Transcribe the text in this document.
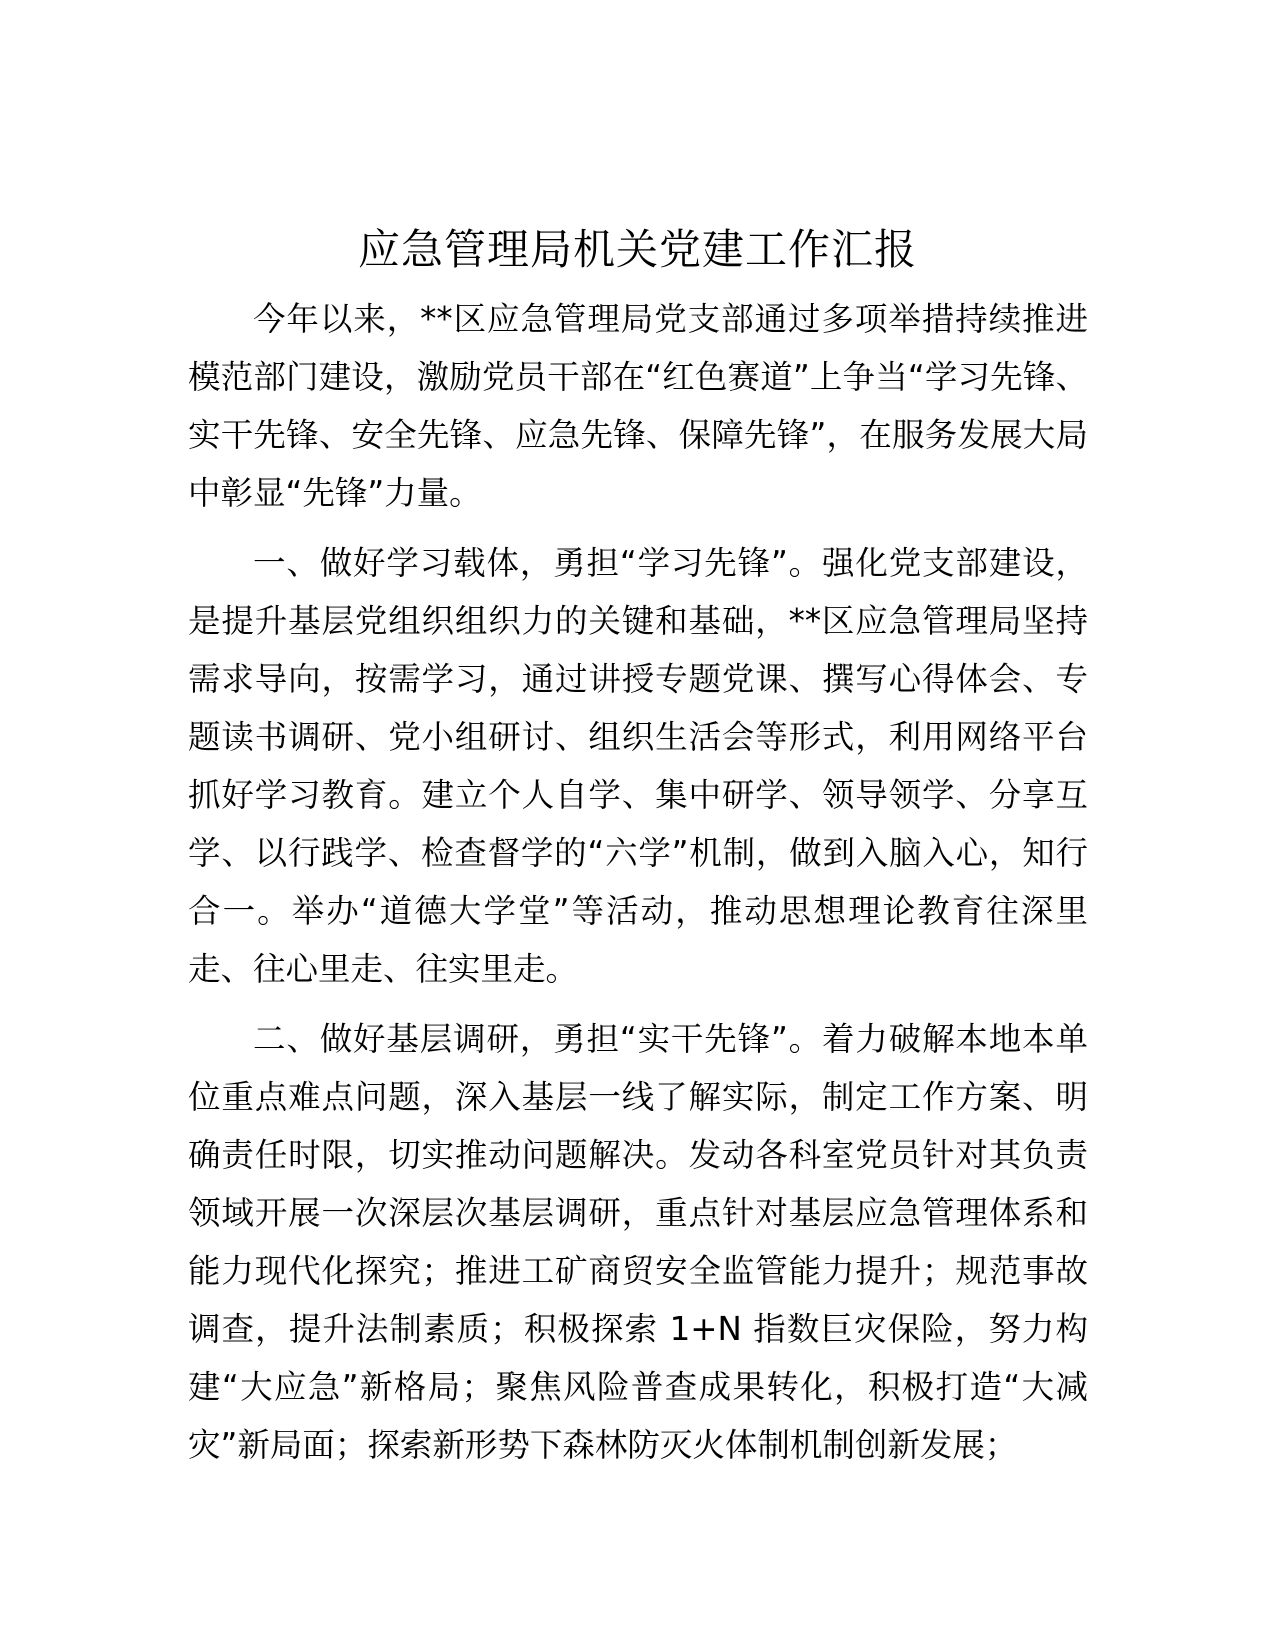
应急管理局机关党建工作汇报

今年以来，**区应急管理局党支部通过多项举措持续推进模范部门建设，激励党员干部在“红色赛道”上争当“学习先锋、实干先锋、安全先锋、应急先锋、保障先锋”，在服务发展大局中彰显“先锋”力量。

一、做好学习载体，勇担“学习先锋”。强化党支部建设，是提升基层党组织组织力的关键和基础，**区应急管理局坚持需求导向，按需学习，通过讲授专题党课、撰写心得体会、专题读书调研、党小组研讨、组织生活会等形式，利用网络平台抓好学习教育。建立个人自学、集中研学、领导领学、分享互学、以行践学、检查督学的“六学”机制，做到入脑入心，知行合一。举办“道德大学堂”等活动，推动思想理论教育往深里走、往心里走、往实里走。

二、做好基层调研，勇担“实干先锋”。着力破解本地本单位重点难点问题，深入基层一线了解实际，制定工作方案、明确责任时限，切实推动问题解决。发动各科室党员针对其负责领域开展一次深层次基层调研，重点针对基层应急管理体系和能力现代化探究；推进工矿商贸安全监管能力提升；规范事故调查，提升法制素质；积极探索 1+N 指数巨灾保险，努力构建“大应急”新格局；聚焦风险普查成果转化，积极打造“大减灾”新局面；探索新形势下森林防灭火体制机制创新发展；
